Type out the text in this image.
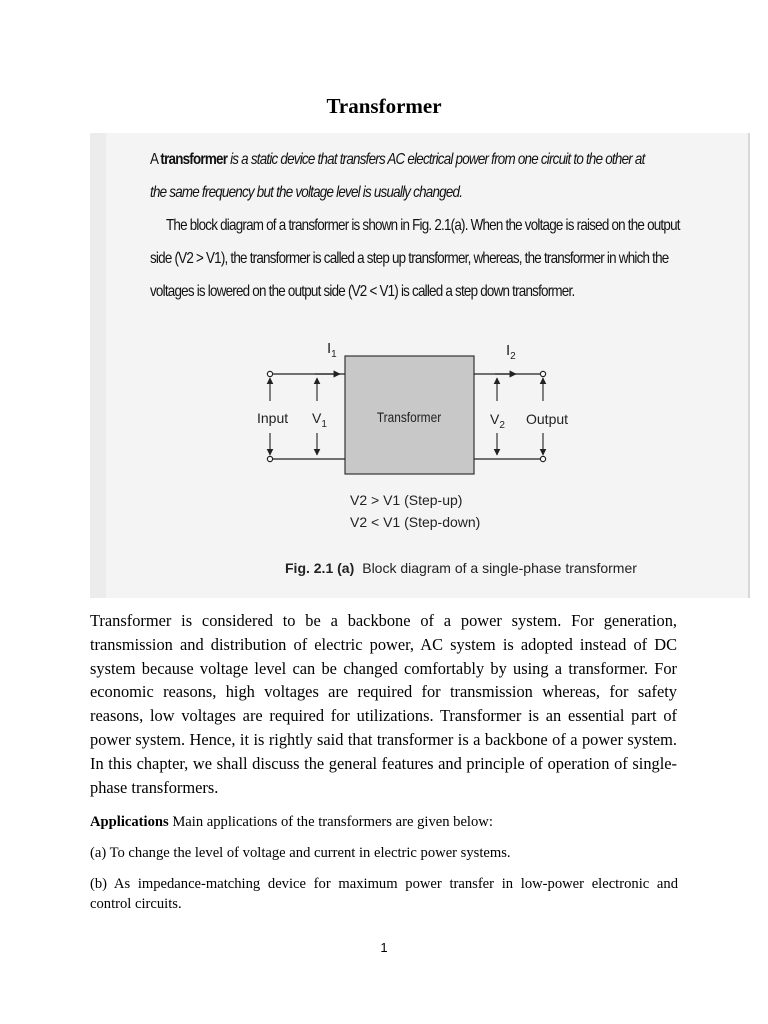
Transformer
A transformer is a static device that transfers AC electrical power from one circuit to the other at
the same frequency but the voltage level is usually changed.
The block diagram of a transformer is shown in Fig. 2.1(a). When the voltage is raised on the output
side (V2 > V1), the transformer is called a step up transformer, whereas, the transformer in which the
voltages is lowered on the output side (V2 < V1) is called a step down transformer.
Transformer
$I_1$	$I_2$
Input $V_1$	$V_2$ Output
V2 > V1 (Step-up)
V2 < V1 (Step-down)
Fig. 2.1 (a) Block diagram of a single-phase transformer
Transformer is considered to be a backbone of a power system. For generation, transmission and distribution of electric power, AC system is adopted instead of DC system because voltage level can be changed comfortably by using a transformer. For economic reasons, high voltages are required for transmission whereas, for safety reasons, low voltages are required for utilizations. Transformer is an essential part of power system. Hence, it is rightly said that transformer is a backbone of a power system. In this chapter, we shall discuss the general features and principle of operation of single-phase transformers.
Applications Main applications of the transformers are given below:
(a) To change the level of voltage and current in electric power systems.
(b) As impedance-matching device for maximum power transfer in low-power electronic and control circuits.
1
